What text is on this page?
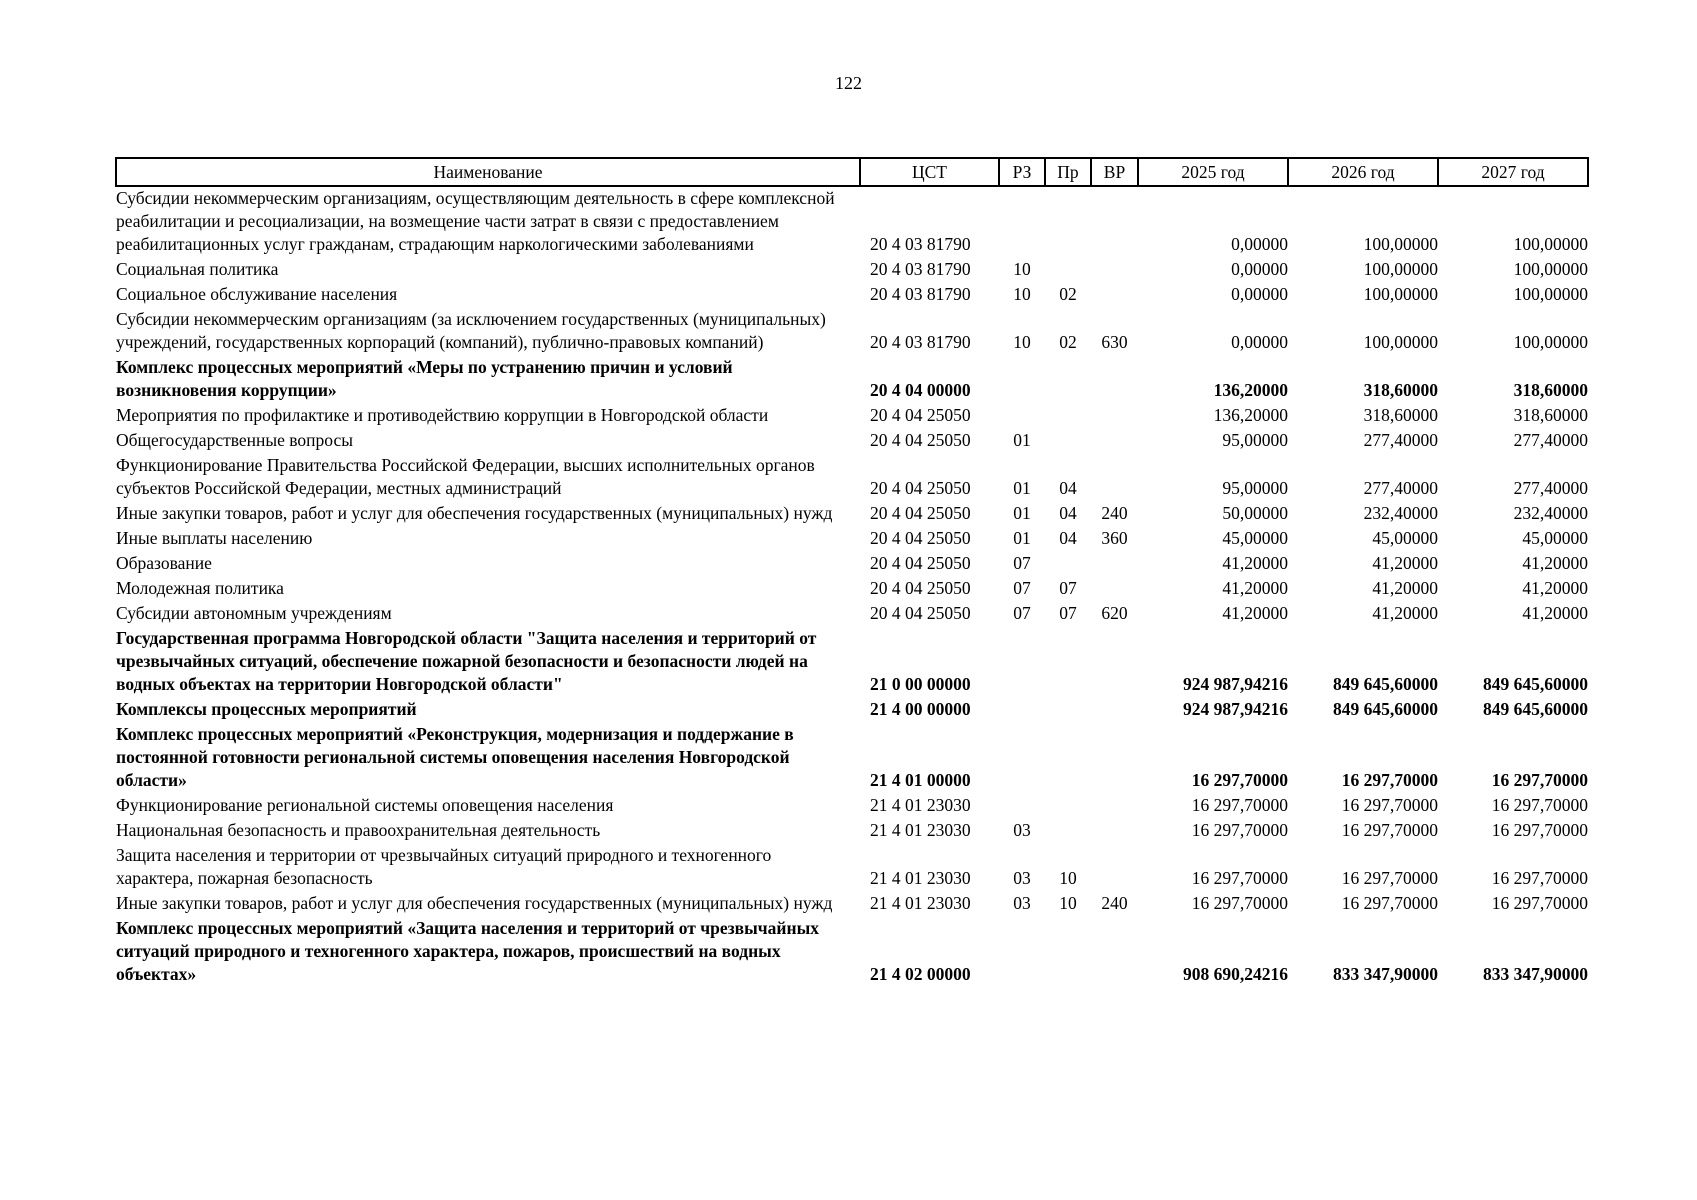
122
Наименование	ЦСТ	РЗ	Пр	ВР	2025 год	2026 год	2027 год
Субсидии некоммерческим организациям, осуществляющим деятельность в сфере комплексной реабилитации и ресоциализации, на возмещение части затрат в связи с предоставлением реабилитационных услуг гражданам, страдающим наркологическими заболеваниями	20 4 03 81790				0,00000	100,00000	100,00000
Социальная политика	20 4 03 81790	10			0,00000	100,00000	100,00000
Социальное обслуживание населения	20 4 03 81790	10	02		0,00000	100,00000	100,00000
Субсидии некоммерческим организациям (за исключением государственных (муниципальных) учреждений, государственных корпораций (компаний), публично-правовых компаний)	20 4 03 81790	10	02	630	0,00000	100,00000	100,00000
Комплекс процессных мероприятий «Меры по устранению причин и условий возникновения коррупции»	20 4 04 00000				136,20000	318,60000	318,60000
Мероприятия по профилактике и противодействию коррупции в Новгородской области	20 4 04 25050				136,20000	318,60000	318,60000
Общегосударственные вопросы	20 4 04 25050	01			95,00000	277,40000	277,40000
Функционирование Правительства Российской Федерации, высших исполнительных органов субъектов Российской Федерации, местных администраций	20 4 04 25050	01	04		95,00000	277,40000	277,40000
Иные закупки товаров, работ и услуг для обеспечения государственных (муниципальных) нужд	20 4 04 25050	01	04	240	50,00000	232,40000	232,40000
Иные выплаты населению	20 4 04 25050	01	04	360	45,00000	45,00000	45,00000
Образование	20 4 04 25050	07			41,20000	41,20000	41,20000
Молодежная политика	20 4 04 25050	07	07		41,20000	41,20000	41,20000
Субсидии автономным учреждениям	20 4 04 25050	07	07	620	41,20000	41,20000	41,20000
Государственная программа Новгородской области "Защита населения и территорий от чрезвычайных ситуаций, обеспечение пожарной безопасности и безопасности людей на водных объектах на территории Новгородской области"	21 0 00 00000				924 987,94216	849 645,60000	849 645,60000
Комплексы процессных мероприятий	21 4 00 00000				924 987,94216	849 645,60000	849 645,60000
Комплекс процессных мероприятий «Реконструкция, модернизация и поддержание в постоянной готовности региональной системы оповещения населения Новгородской области»	21 4 01 00000				16 297,70000	16 297,70000	16 297,70000
Функционирование региональной системы оповещения населения	21 4 01 23030				16 297,70000	16 297,70000	16 297,70000
Национальная безопасность и правоохранительная деятельность	21 4 01 23030	03			16 297,70000	16 297,70000	16 297,70000
Защита населения и территории от чрезвычайных ситуаций природного и техногенного характера, пожарная безопасность	21 4 01 23030	03	10		16 297,70000	16 297,70000	16 297,70000
Иные закупки товаров, работ и услуг для обеспечения государственных (муниципальных) нужд	21 4 01 23030	03	10	240	16 297,70000	16 297,70000	16 297,70000
Комплекс процессных мероприятий «Защита населения и территорий от чрезвычайных ситуаций природного и техногенного характера, пожаров, происшествий на водных объектах»	21 4 02 00000				908 690,24216	833 347,90000	833 347,90000
